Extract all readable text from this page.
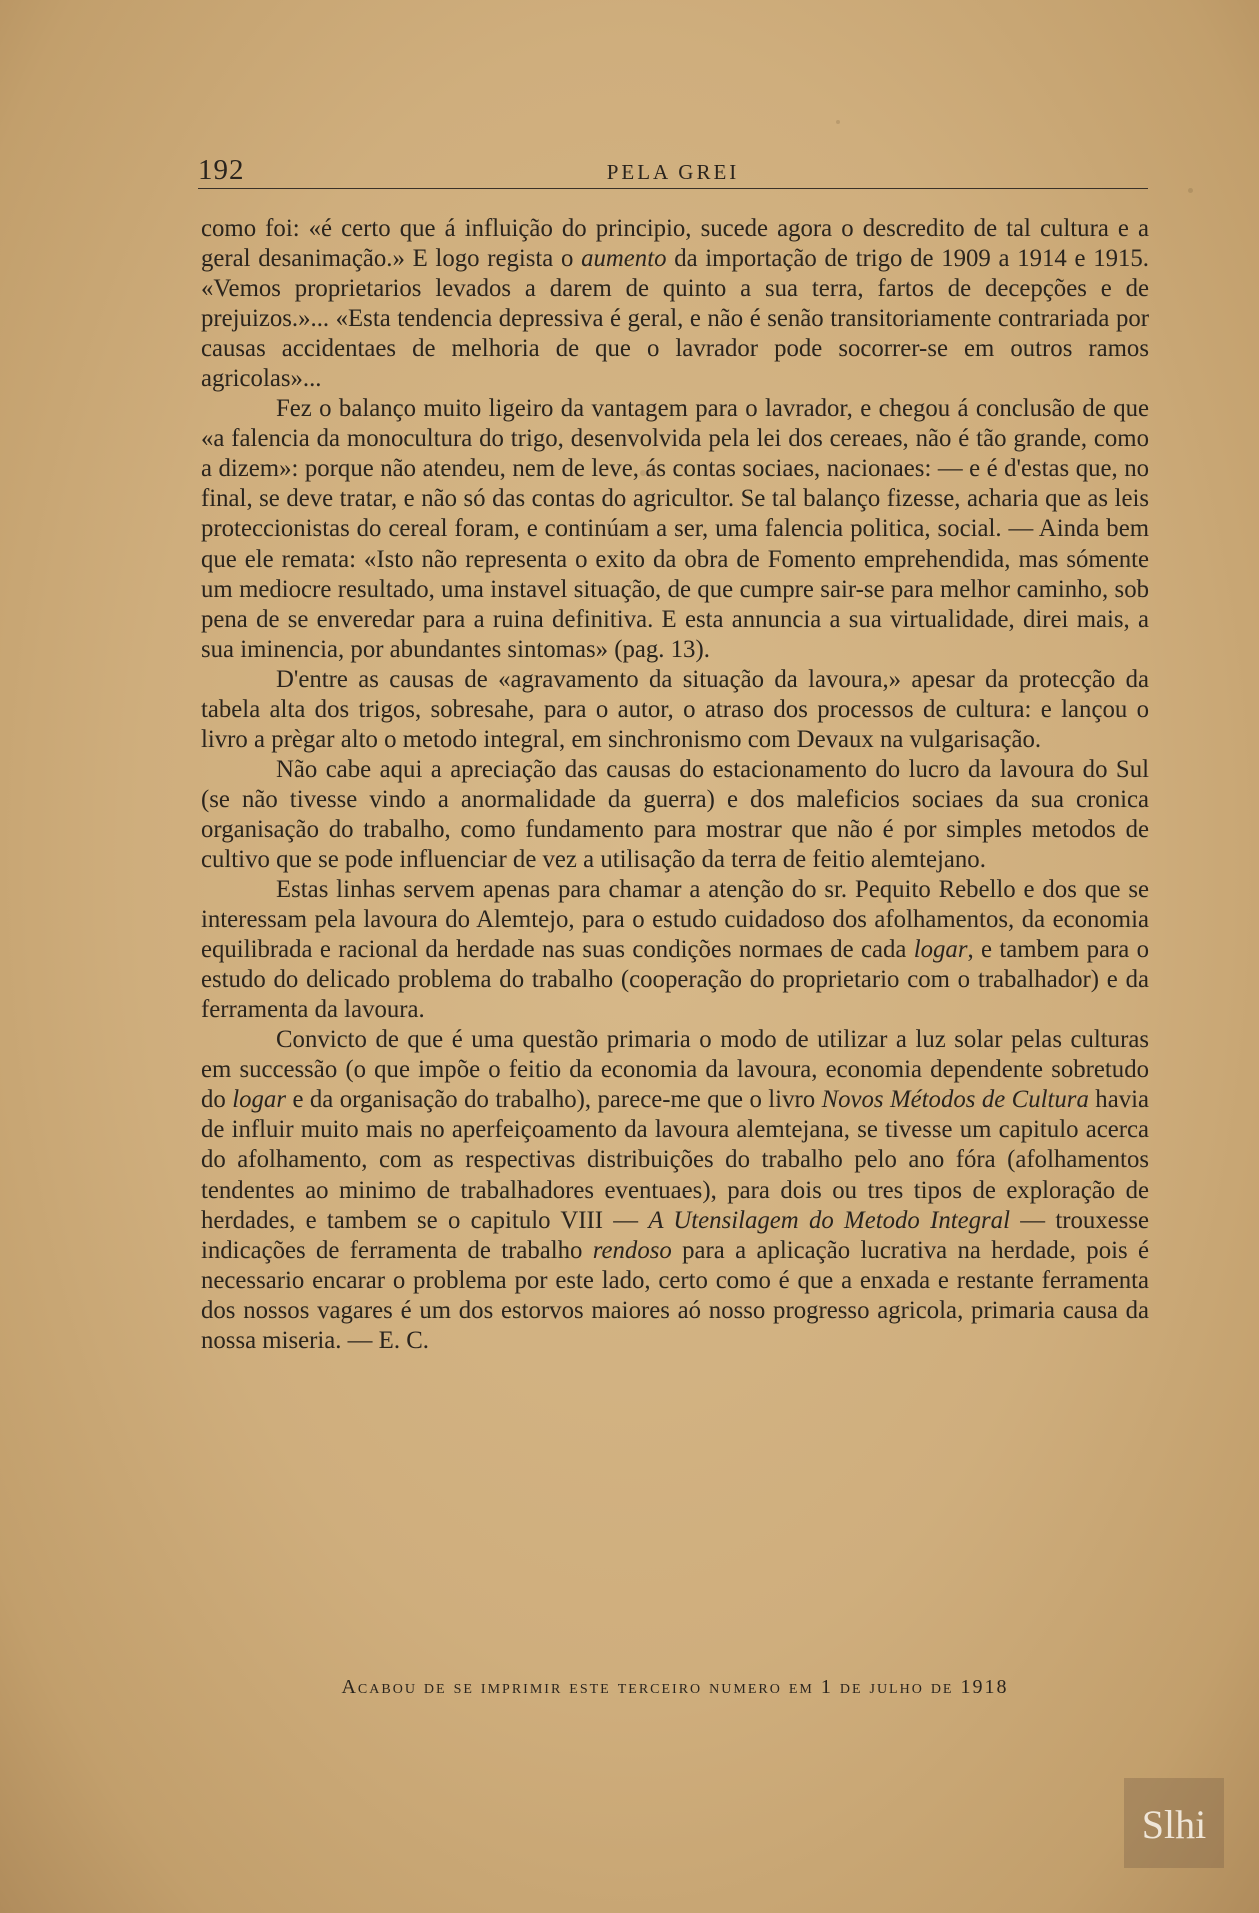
192	PELA GREI

como foi: «é certo que á influição do principio, sucede agora o descredito de tal cultura e a geral desanimação.» E logo regista o aumento da importação de trigo de 1909 a 1914 e 1915. «Vemos proprietarios levados a darem de quinto a sua terra, fartos de decepções e de prejuizos.»... «Esta tendencia depressiva é geral, e não é senão transitoriamente contrariada por causas accidentaes de melhoria de que o lavrador pode socorrer-se em outros ramos agricolas»...

Fez o balanço muito ligeiro da vantagem para o lavrador, e chegou á conclusão de que «a falencia da monocultura do trigo, desenvolvida pela lei dos cereaes, não é tão grande, como a dizem»: porque não atendeu, nem de leve, ás contas sociaes, nacionaes: — e é d'estas que, no final, se deve tratar, e não só das contas do agricultor. Se tal balanço fizesse, acharia que as leis proteccionistas do cereal foram, e continúam a ser, uma falencia politica, social. — Ainda bem que ele remata: «Isto não representa o exito da obra de Fomento emprehendida, mas sómente um mediocre resultado, uma instavel situação, de que cumpre sair-se para melhor caminho, sob pena de se enveredar para a ruina definitiva. E esta annuncia a sua virtualidade, direi mais, a sua iminencia, por abundantes sintomas» (pag. 13).

D'entre as causas de «agravamento da situação da lavoura,» apesar da protecção da tabela alta dos trigos, sobresahe, para o autor, o atraso dos processos de cultura: e lançou o livro a prègar alto o metodo integral, em sinchronismo com Devaux na vulgarisação.

Não cabe aqui a apreciação das causas do estacionamento do lucro da lavoura do Sul (se não tivesse vindo a anormalidade da guerra) e dos maleficios sociaes da sua cronica organisação do trabalho, como fundamento para mostrar que não é por simples metodos de cultivo que se pode influenciar de vez a utilisação da terra de feitio alemtejano.

Estas linhas servem apenas para chamar a atenção do sr. Pequito Rebello e dos que se interessam pela lavoura do Alemtejo, para o estudo cuidadoso dos afolhamentos, da economia equilibrada e racional da herdade nas suas condições normaes de cada logar, e tambem para o estudo do delicado problema do trabalho (cooperação do proprietario com o trabalhador) e da ferramenta da lavoura.

Convicto de que é uma questão primaria o modo de utilizar a luz solar pelas culturas em successão (o que impõe o feitio da economia da lavoura, economia dependente sobretudo do logar e da organisação do trabalho), parece-me que o livro Novos Métodos de Cultura havia de influir muito mais no aperfeiçoamento da lavoura alemtejana, se tivesse um capitulo acerca do afolhamento, com as respectivas distribuições do trabalho pelo ano fóra (afolhamentos tendentes ao minimo de trabalhadores eventuaes), para dois ou tres tipos de exploração de herdades, e tambem se o capitulo VIII — A Utensilagem do Metodo Integral — trouxesse indicações de ferramenta de trabalho rendoso para a aplicação lucrativa na herdade, pois é necessario encarar o problema por este lado, certo como é que a enxada e restante ferramenta dos nossos vagares é um dos estorvos maiores aó nosso progresso agricola, primaria causa da nossa miseria. — E. C.

Acabou de se imprimir este terceiro numero em 1 de julho de 1918
Slhi
